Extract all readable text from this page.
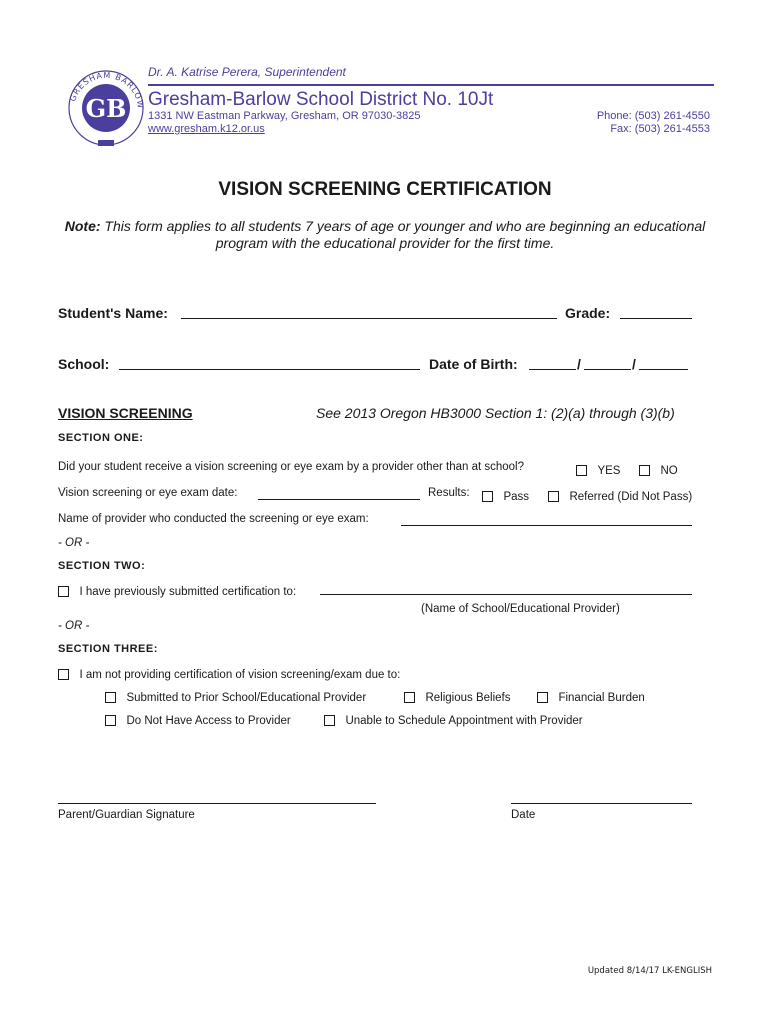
GRESHAM BARLOW
GB
Dr. A. Katrise Perera, Superintendent
Gresham-Barlow School District No. 10Jt
1331 NW Eastman Parkway, Gresham, OR 97030-3825
www.gresham.k12.or.us
Phone: (503) 261-4550
Fax: (503) 261-4553
VISION SCREENING CERTIFICATION
Note: This form applies to all students 7 years of age or younger and who are beginning an educational program with the educational provider for the first time.
Student's Name:	Grade:
School:	Date of Birth:	/	/
VISION SCREENING	See 2013 Oregon HB3000 Section 1: (2)(a) through (3)(b)
SECTION ONE:
Did your student receive a vision screening or eye exam by a provider other than at school?	YES	NO
Vision screening or eye exam date:	Results:	Pass	Referred (Did Not Pass)
Name of provider who conducted the screening or eye exam:
- OR -
SECTION TWO:
I have previously submitted certification to:
(Name of School/Educational Provider)
- OR -
SECTION THREE:
I am not providing certification of vision screening/exam due to:
Submitted to Prior School/Educational Provider	Religious Beliefs	Financial Burden
Do Not Have Access to Provider	Unable to Schedule Appointment with Provider
Parent/Guardian Signature	Date
Updated 8/14/17 LK-ENGLISH
